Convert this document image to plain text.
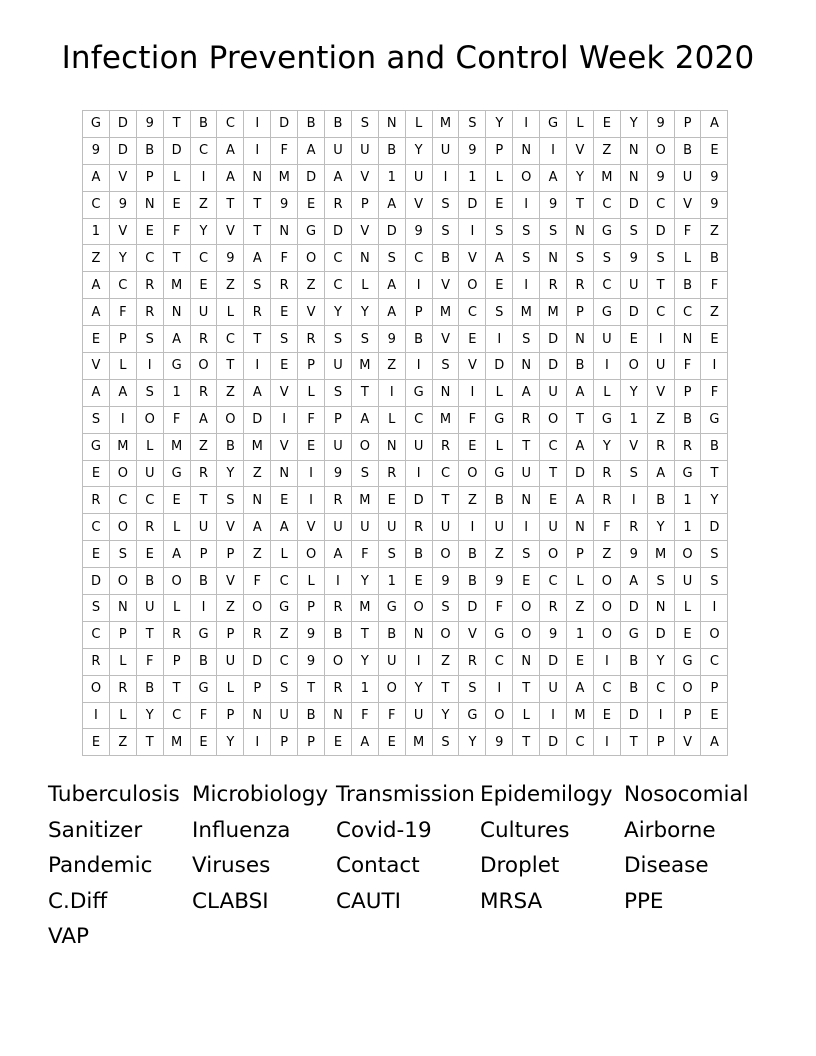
Infection Prevention and Control Week 2020
G	D	9	T	B	C	I	D	B	B	S	N	L	M	S	Y	I	G	L	E	Y	9	P	A
9	D	B	D	C	A	I	F	A	U	U	B	Y	U	9	P	N	I	V	Z	N	O	B	E
A	V	P	L	I	A	N	M	D	A	V	1	U	I	1	L	O	A	Y	M	N	9	U	9
C	9	N	E	Z	T	T	9	E	R	P	A	V	S	D	E	I	9	T	C	D	C	V	9
1	V	E	F	Y	V	T	N	G	D	V	D	9	S	I	S	S	S	N	G	S	D	F	Z
Z	Y	C	T	C	9	A	F	O	C	N	S	C	B	V	A	S	N	S	S	9	S	L	B
A	C	R	M	E	Z	S	R	Z	C	L	A	I	V	O	E	I	R	R	C	U	T	B	F
A	F	R	N	U	L	R	E	V	Y	Y	A	P	M	C	S	M	M	P	G	D	C	C	Z
E	P	S	A	R	C	T	S	R	S	S	9	B	V	E	I	S	D	N	U	E	I	N	E
V	L	I	G	O	T	I	E	P	U	M	Z	I	S	V	D	N	D	B	I	O	U	F	I
A	A	S	1	R	Z	A	V	L	S	T	I	G	N	I	L	A	U	A	L	Y	V	P	F
S	I	O	F	A	O	D	I	F	P	A	L	C	M	F	G	R	O	T	G	1	Z	B	G
G	M	L	M	Z	B	M	V	E	U	O	N	U	R	E	L	T	C	A	Y	V	R	R	B
E	O	U	G	R	Y	Z	N	I	9	S	R	I	C	O	G	U	T	D	R	S	A	G	T
R	C	C	E	T	S	N	E	I	R	M	E	D	T	Z	B	N	E	A	R	I	B	1	Y
C	O	R	L	U	V	A	A	V	U	U	U	R	U	I	U	I	U	N	F	R	Y	1	D
E	S	E	A	P	P	Z	L	O	A	F	S	B	O	B	Z	S	O	P	Z	9	M	O	S
D	O	B	O	B	V	F	C	L	I	Y	1	E	9	B	9	E	C	L	O	A	S	U	S
S	N	U	L	I	Z	O	G	P	R	M	G	O	S	D	F	O	R	Z	O	D	N	L	I
C	P	T	R	G	P	R	Z	9	B	T	B	N	O	V	G	O	9	1	O	G	D	E	O
R	L	F	P	B	U	D	C	9	O	Y	U	I	Z	R	C	N	D	E	I	B	Y	G	C
O	R	B	T	G	L	P	S	T	R	1	O	Y	T	S	I	T	U	A	C	B	C	O	P
I	L	Y	C	F	P	N	U	B	N	F	F	U	Y	G	O	L	I	M	E	D	I	P	E
E	Z	T	M	E	Y	I	P	P	E	A	E	M	S	Y	9	T	D	C	I	T	P	V	A
Tuberculosis Microbiology Transmission Epidemilogy Nosocomial
Sanitizer	Influenza	Covid-19	Cultures	Airborne
Pandemic	Viruses	Contact	Droplet	Disease
C.Diff	CLABSI	CAUTI	MRSA	PPE
VAP
